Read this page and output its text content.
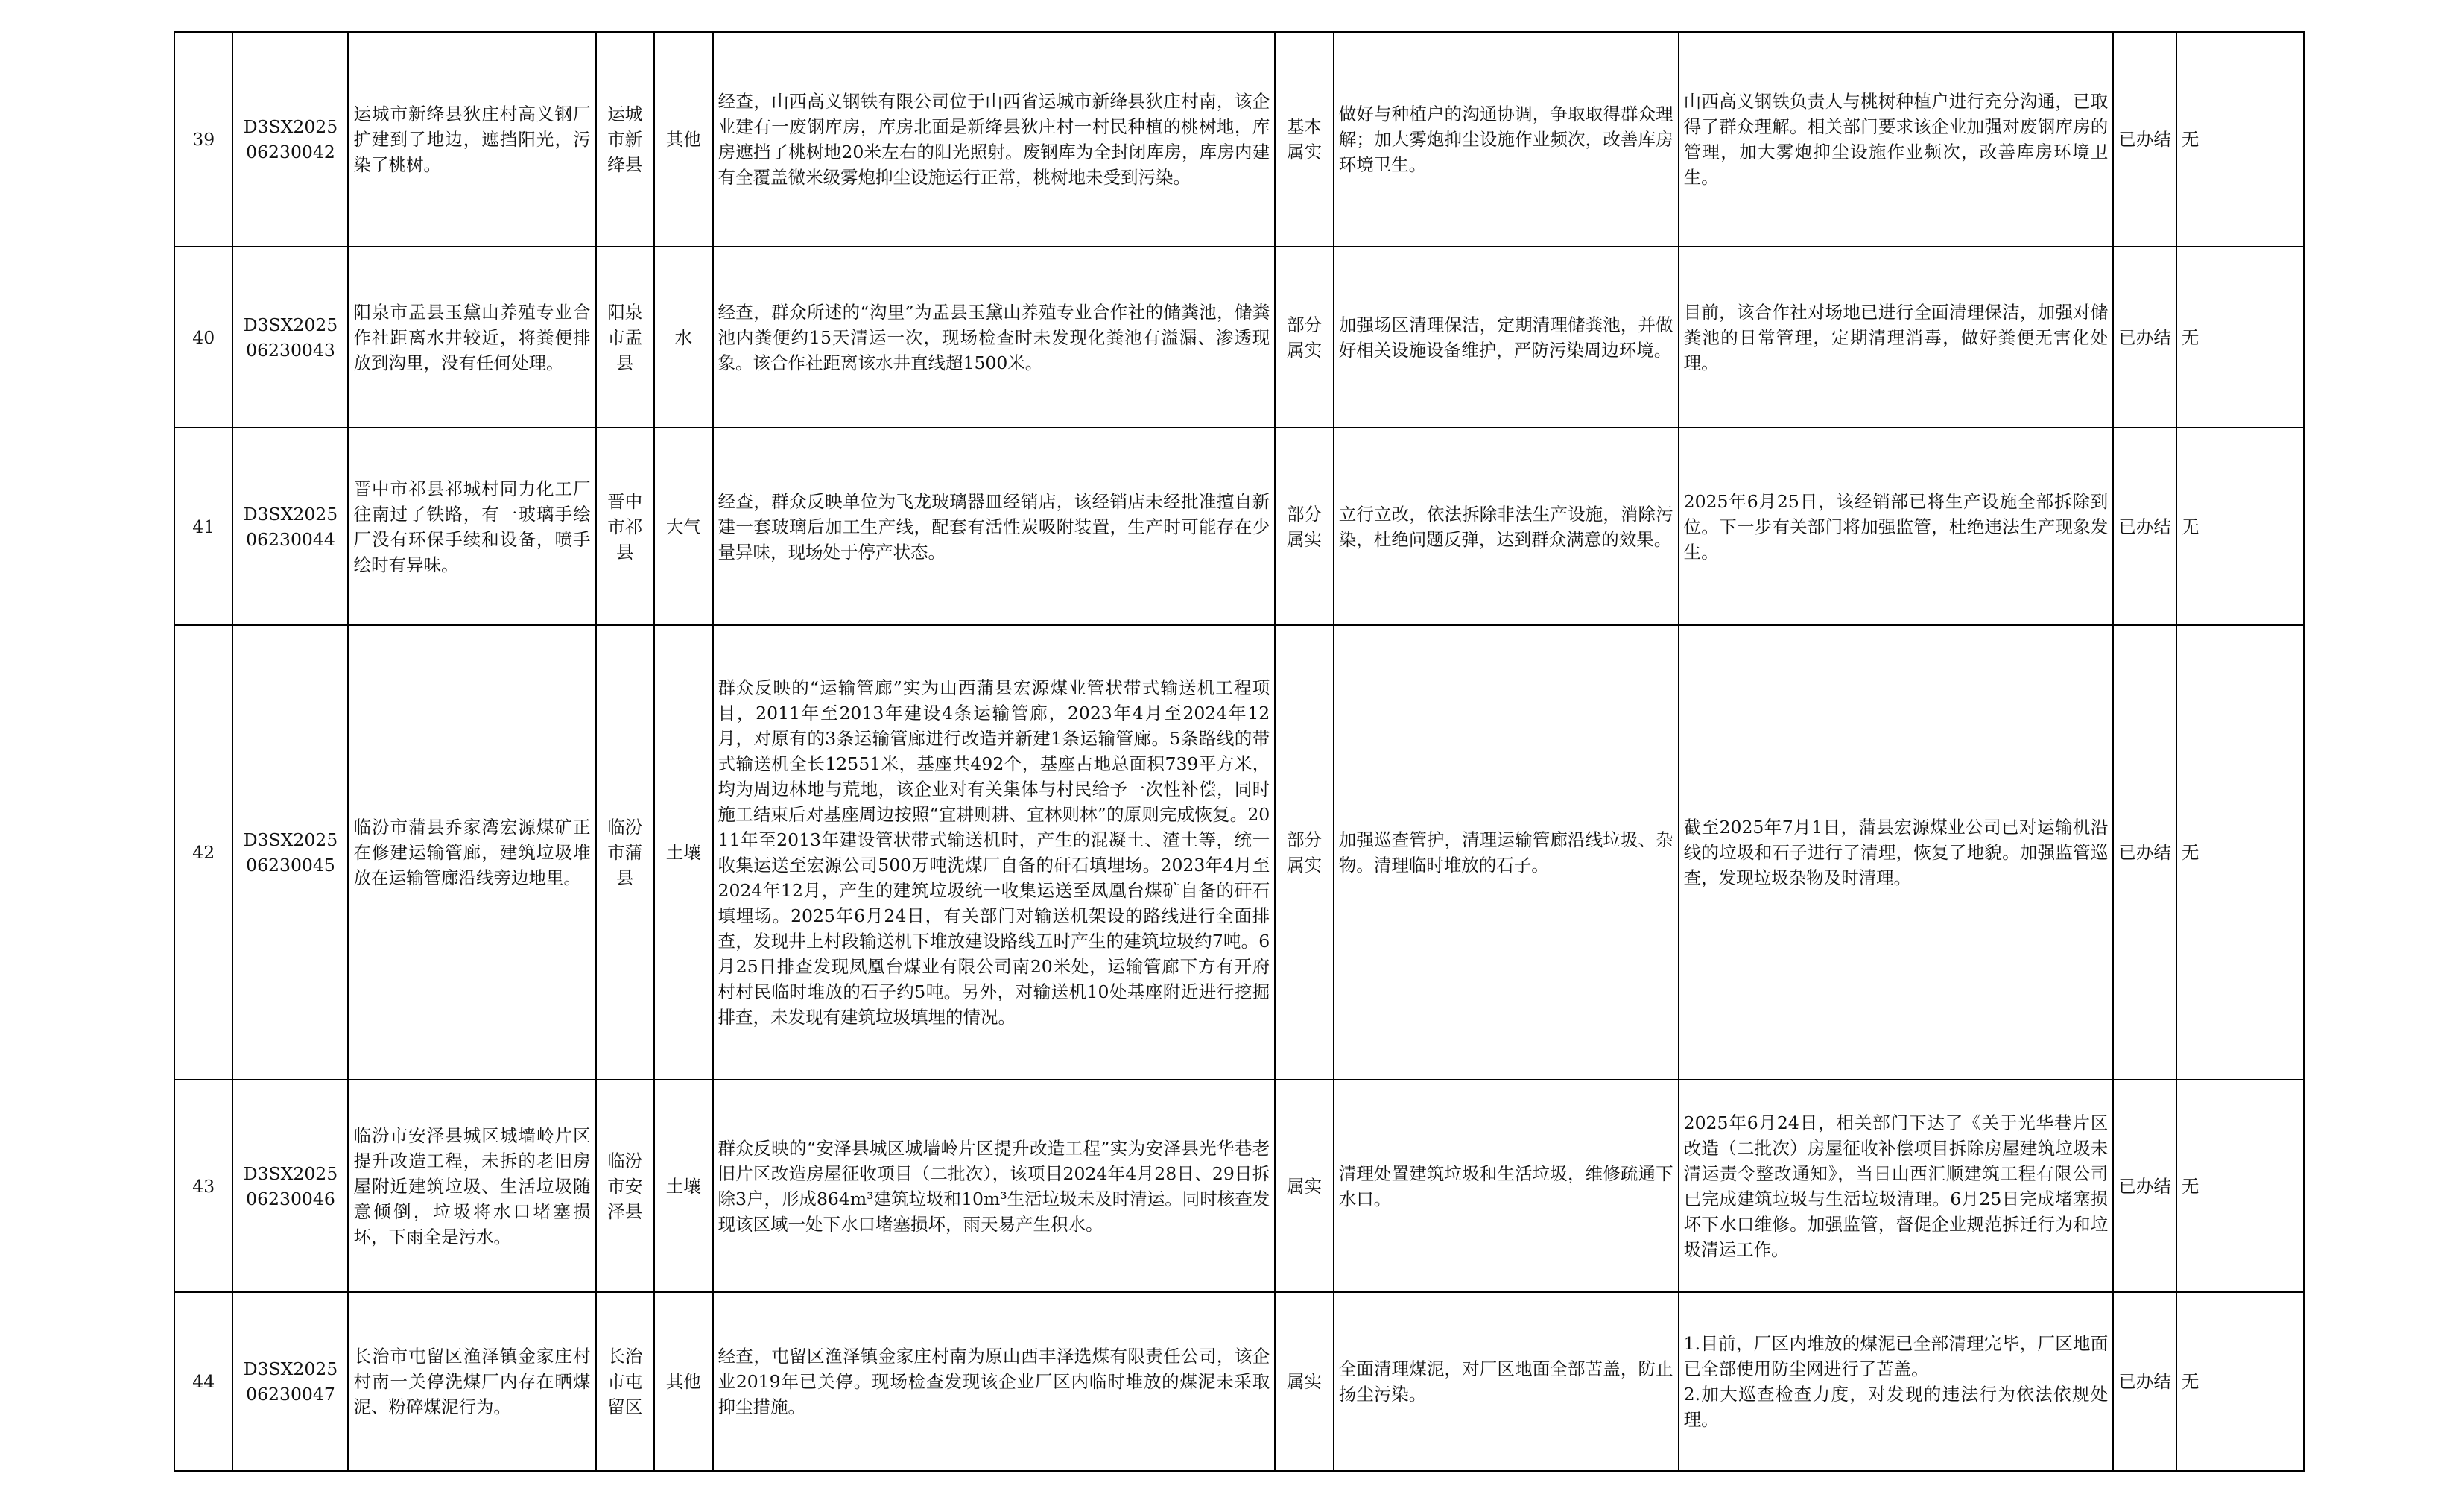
39	D3SX202506230042	运城市新绛县狄庄村高义钢厂扩建到了地边，遮挡阳光，污染了桃树。	运城市新绛县	其他	经查，山西高义钢铁有限公司位于山西省运城市新绛县狄庄村南，该企业建有一废钢库房，库房北面是新绛县狄庄村一村民种植的桃树地，库房遮挡了桃树地20米左右的阳光照射。废钢库为全封闭库房，库房内建有全覆盖微米级雾炮抑尘设施运行正常，桃树地未受到污染。	基本属实	做好与种植户的沟通协调，争取取得群众理解；加大雾炮抑尘设施作业频次，改善库房环境卫生。	山西高义钢铁负责人与桃树种植户进行充分沟通，已取得了群众理解。相关部门要求该企业加强对废钢库房的管理，加大雾炮抑尘设施作业频次，改善库房环境卫生。	已办结	无
40	D3SX202506230043	阳泉市盂县玉黛山养殖专业合作社距离水井较近，将粪便排放到沟里，没有任何处理。	阳泉市盂县	水	经查，群众所述的“沟里”为盂县玉黛山养殖专业合作社的储粪池，储粪池内粪便约15天清运一次，现场检查时未发现化粪池有溢漏、渗透现象。该合作社距离该水井直线超1500米。	部分属实	加强场区清理保洁，定期清理储粪池，并做好相关设施设备维护，严防污染周边环境。	目前，该合作社对场地已进行全面清理保洁，加强对储粪池的日常管理，定期清理消毒，做好粪便无害化处理。	已办结	无
41	D3SX202506230044	晋中市祁县祁城村同力化工厂往南过了铁路，有一玻璃手绘厂没有环保手续和设备，喷手绘时有异味。	晋中市祁县	大气	经查，群众反映单位为飞龙玻璃器皿经销店，该经销店未经批准擅自新建一套玻璃后加工生产线，配套有活性炭吸附装置，生产时可能存在少量异味，现场处于停产状态。	部分属实	立行立改，依法拆除非法生产设施，消除污染，杜绝问题反弹，达到群众满意的效果。	2025年6月25日，该经销部已将生产设施全部拆除到位。下一步有关部门将加强监管，杜绝违法生产现象发生。	已办结	无
42	D3SX202506230045	临汾市蒲县乔家湾宏源煤矿正在修建运输管廊，建筑垃圾堆放在运输管廊沿线旁边地里。	临汾市蒲县	土壤	群众反映的“运输管廊”实为山西蒲县宏源煤业管状带式输送机工程项目，2011年至2013年建设4条运输管廊，2023年4月至2024年12月，对原有的3条运输管廊进行改造并新建1条运输管廊。5条路线的带式输送机全长12551米，基座共492个，基座占地总面积739平方米，均为周边林地与荒地，该企业对有关集体与村民给予一次性补偿，同时施工结束后对基座周边按照“宜耕则耕、宜林则林”的原则完成恢复。2011年至2013年建设管状带式输送机时，产生的混凝土、渣土等，统一收集运送至宏源公司500万吨洗煤厂自备的矸石填埋场。2023年4月至2024年12月，产生的建筑垃圾统一收集运送至凤凰台煤矿自备的矸石填埋场。2025年6月24日，有关部门对输送机架设的路线进行全面排查，发现井上村段输送机下堆放建设路线五时产生的建筑垃圾约7吨。6月25日排查发现凤凰台煤业有限公司南20米处，运输管廊下方有开府村村民临时堆放的石子约5吨。另外，对输送机10处基座附近进行挖掘排查，未发现有建筑垃圾填埋的情况。	部分属实	加强巡查管护，清理运输管廊沿线垃圾、杂物。清理临时堆放的石子。	截至2025年7月1日，蒲县宏源煤业公司已对运输机沿线的垃圾和石子进行了清理，恢复了地貌。加强监管巡查，发现垃圾杂物及时清理。	已办结	无
43	D3SX202506230046	临汾市安泽县城区城墙岭片区提升改造工程，未拆的老旧房屋附近建筑垃圾、生活垃圾随意倾倒，垃圾将水口堵塞损坏，下雨全是污水。	临汾市安泽县	土壤	群众反映的“安泽县城区城墙岭片区提升改造工程”实为安泽县光华巷老旧片区改造房屋征收项目（二批次），该项目2024年4月28日、29日拆除3户，形成864m³建筑垃圾和10m³生活垃圾未及时清运。同时核查发现该区域一处下水口堵塞损坏，雨天易产生积水。	属实	清理处置建筑垃圾和生活垃圾，维修疏通下水口。	2025年6月24日，相关部门下达了《关于光华巷片区改造（二批次）房屋征收补偿项目拆除房屋建筑垃圾未清运责令整改通知》，当日山西汇顺建筑工程有限公司已完成建筑垃圾与生活垃圾清理。6月25日完成堵塞损坏下水口维修。加强监管，督促企业规范拆迁行为和垃圾清运工作。	已办结	无
44	D3SX202506230047	长治市屯留区渔泽镇金家庄村村南一关停洗煤厂内存在晒煤泥、粉碎煤泥行为。	长治市屯留区	其他	经查，屯留区渔泽镇金家庄村南为原山西丰泽选煤有限责任公司，该企业2019年已关停。现场检查发现该企业厂区内临时堆放的煤泥未采取抑尘措施。	属实	全面清理煤泥，对厂区地面全部苫盖，防止扬尘污染。	1.目前，厂区内堆放的煤泥已全部清理完毕，厂区地面已全部使用防尘网进行了苫盖。
2.加大巡查检查力度，对发现的违法行为依法依规处理。	已办结	无
